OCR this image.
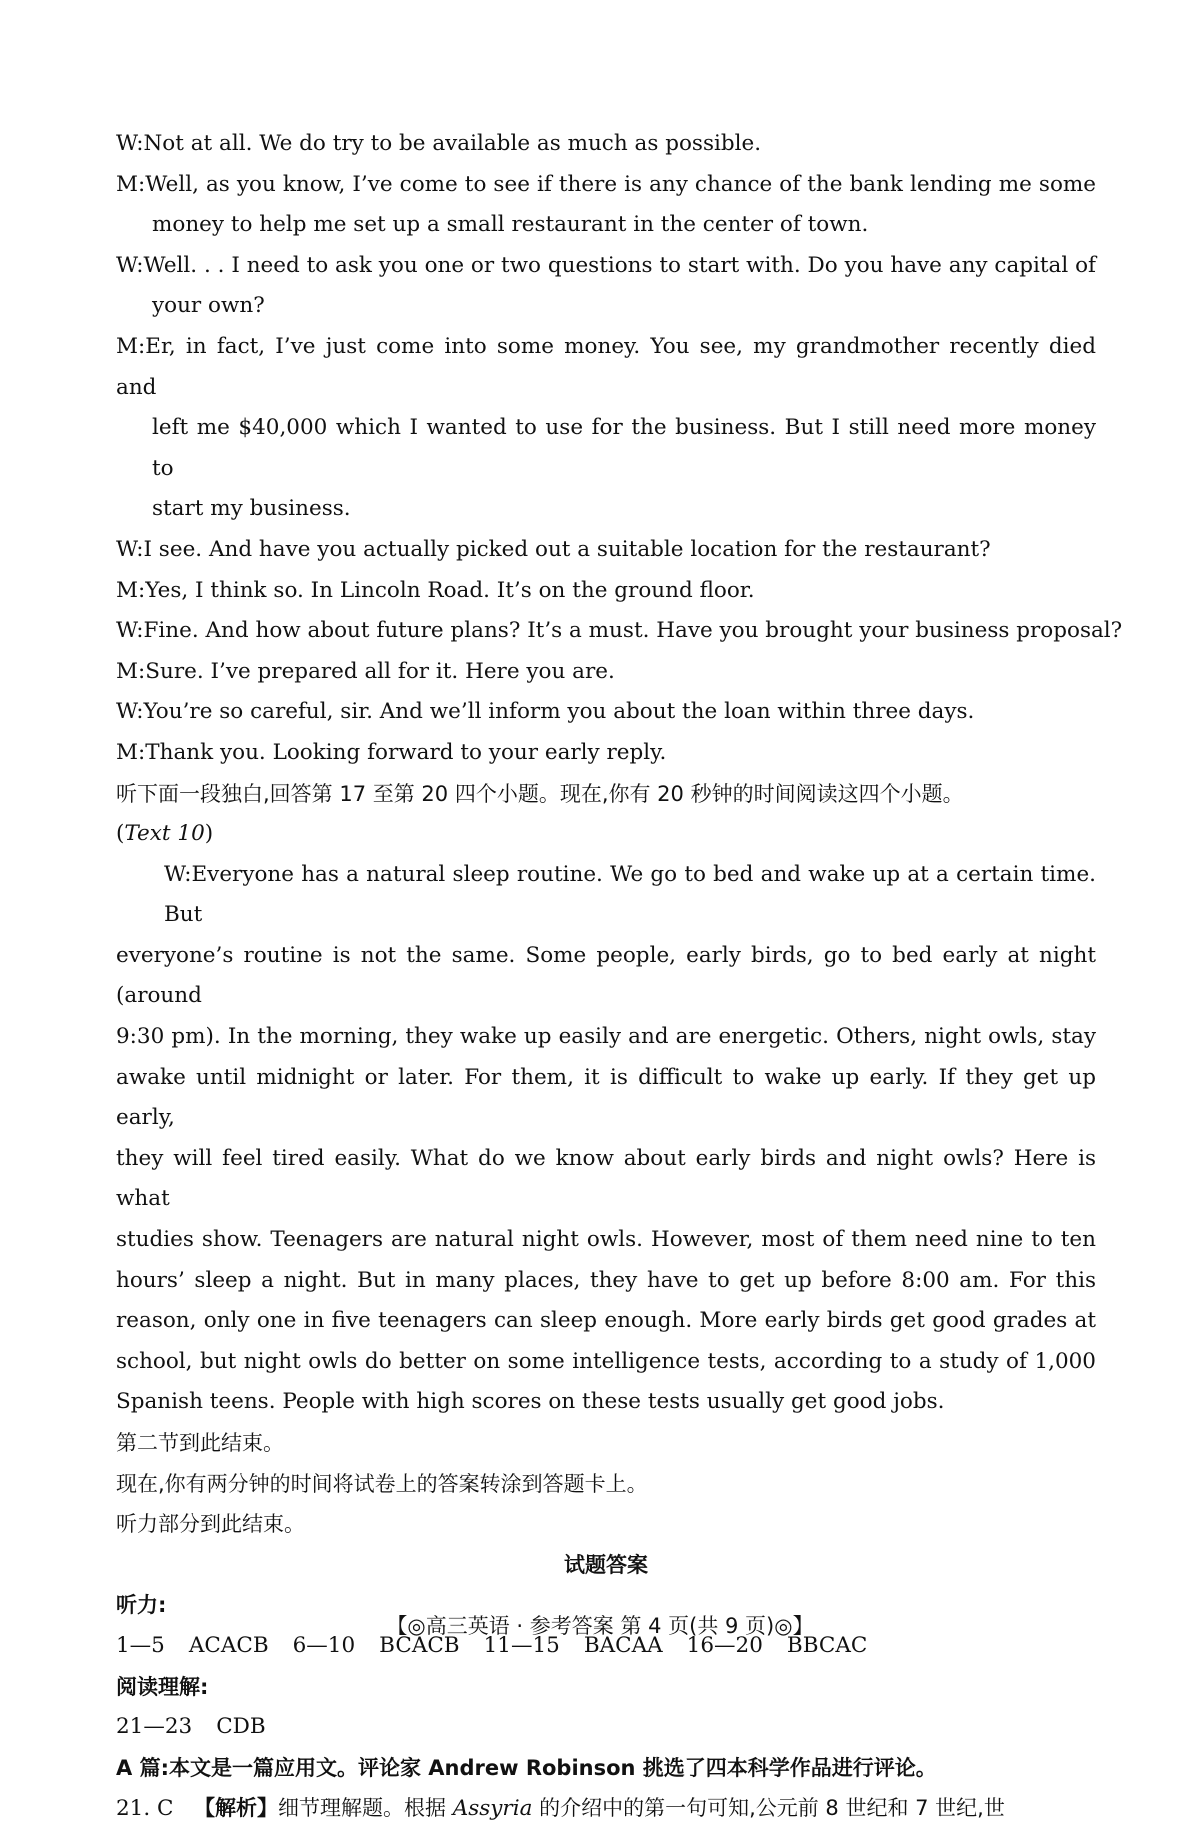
W:Not at all. We do try to be available as much as possible.
M:Well, as you know, I’ve come to see if there is any chance of the bank lending me some
money to help me set up a small restaurant in the center of town.
W:Well. . . I need to ask you one or two questions to start with. Do you have any capital of
your own?
M:Er, in fact, I’ve just come into some money. You see, my grandmother recently died and
left me $40,000 which I wanted to use for the business. But I still need more money to
start my business.
W:I see. And have you actually picked out a suitable location for the restaurant?
M:Yes, I think so. In Lincoln Road. It’s on the ground floor.
W:Fine. And how about future plans? It’s a must. Have you brought your business proposal?
M:Sure. I’ve prepared all for it. Here you are.
W:You’re so careful, sir. And we’ll inform you about the loan within three days.
M:Thank you. Looking forward to your early reply.
听下面一段独白,回答第 17 至第 20 四个小题。现在,你有 20 秒钟的时间阅读这四个小题。
(Text 10)
W:Everyone has a natural sleep routine. We go to bed and wake up at a certain time. But
everyone’s routine is not the same. Some people, early birds, go to bed early at night (around
9:30 pm). In the morning, they wake up easily and are energetic. Others, night owls, stay
awake until midnight or later. For them, it is difficult to wake up early. If they get up early,
they will feel tired easily. What do we know about early birds and night owls? Here is what
studies show. Teenagers are natural night owls. However, most of them need nine to ten
hours’ sleep a night. But in many places, they have to get up before 8:00 am. For this
reason, only one in five teenagers can sleep enough. More early birds get good grades at
school, but night owls do better on some intelligence tests, according to a study of 1,000
Spanish teens. People with high scores on these tests usually get good jobs.
第二节到此结束。
现在,你有两分钟的时间将试卷上的答案转涂到答题卡上。
听力部分到此结束。
试题答案
听力:
1—5 ACACB 6—10 BCACB 11—15 BACAA 16—20 BBCAC
阅读理解:
21—23 CDB
A 篇:本文是一篇应用文。评论家 Andrew Robinson 挑选了四本科学作品进行评论。
21. C 【解析】细节理解题。根据 Assyria 的介绍中的第一句可知,公元前 8 世纪和 7 世纪,世
【◎高三英语 · 参考答案 第 4 页(共 9 页)◎】
